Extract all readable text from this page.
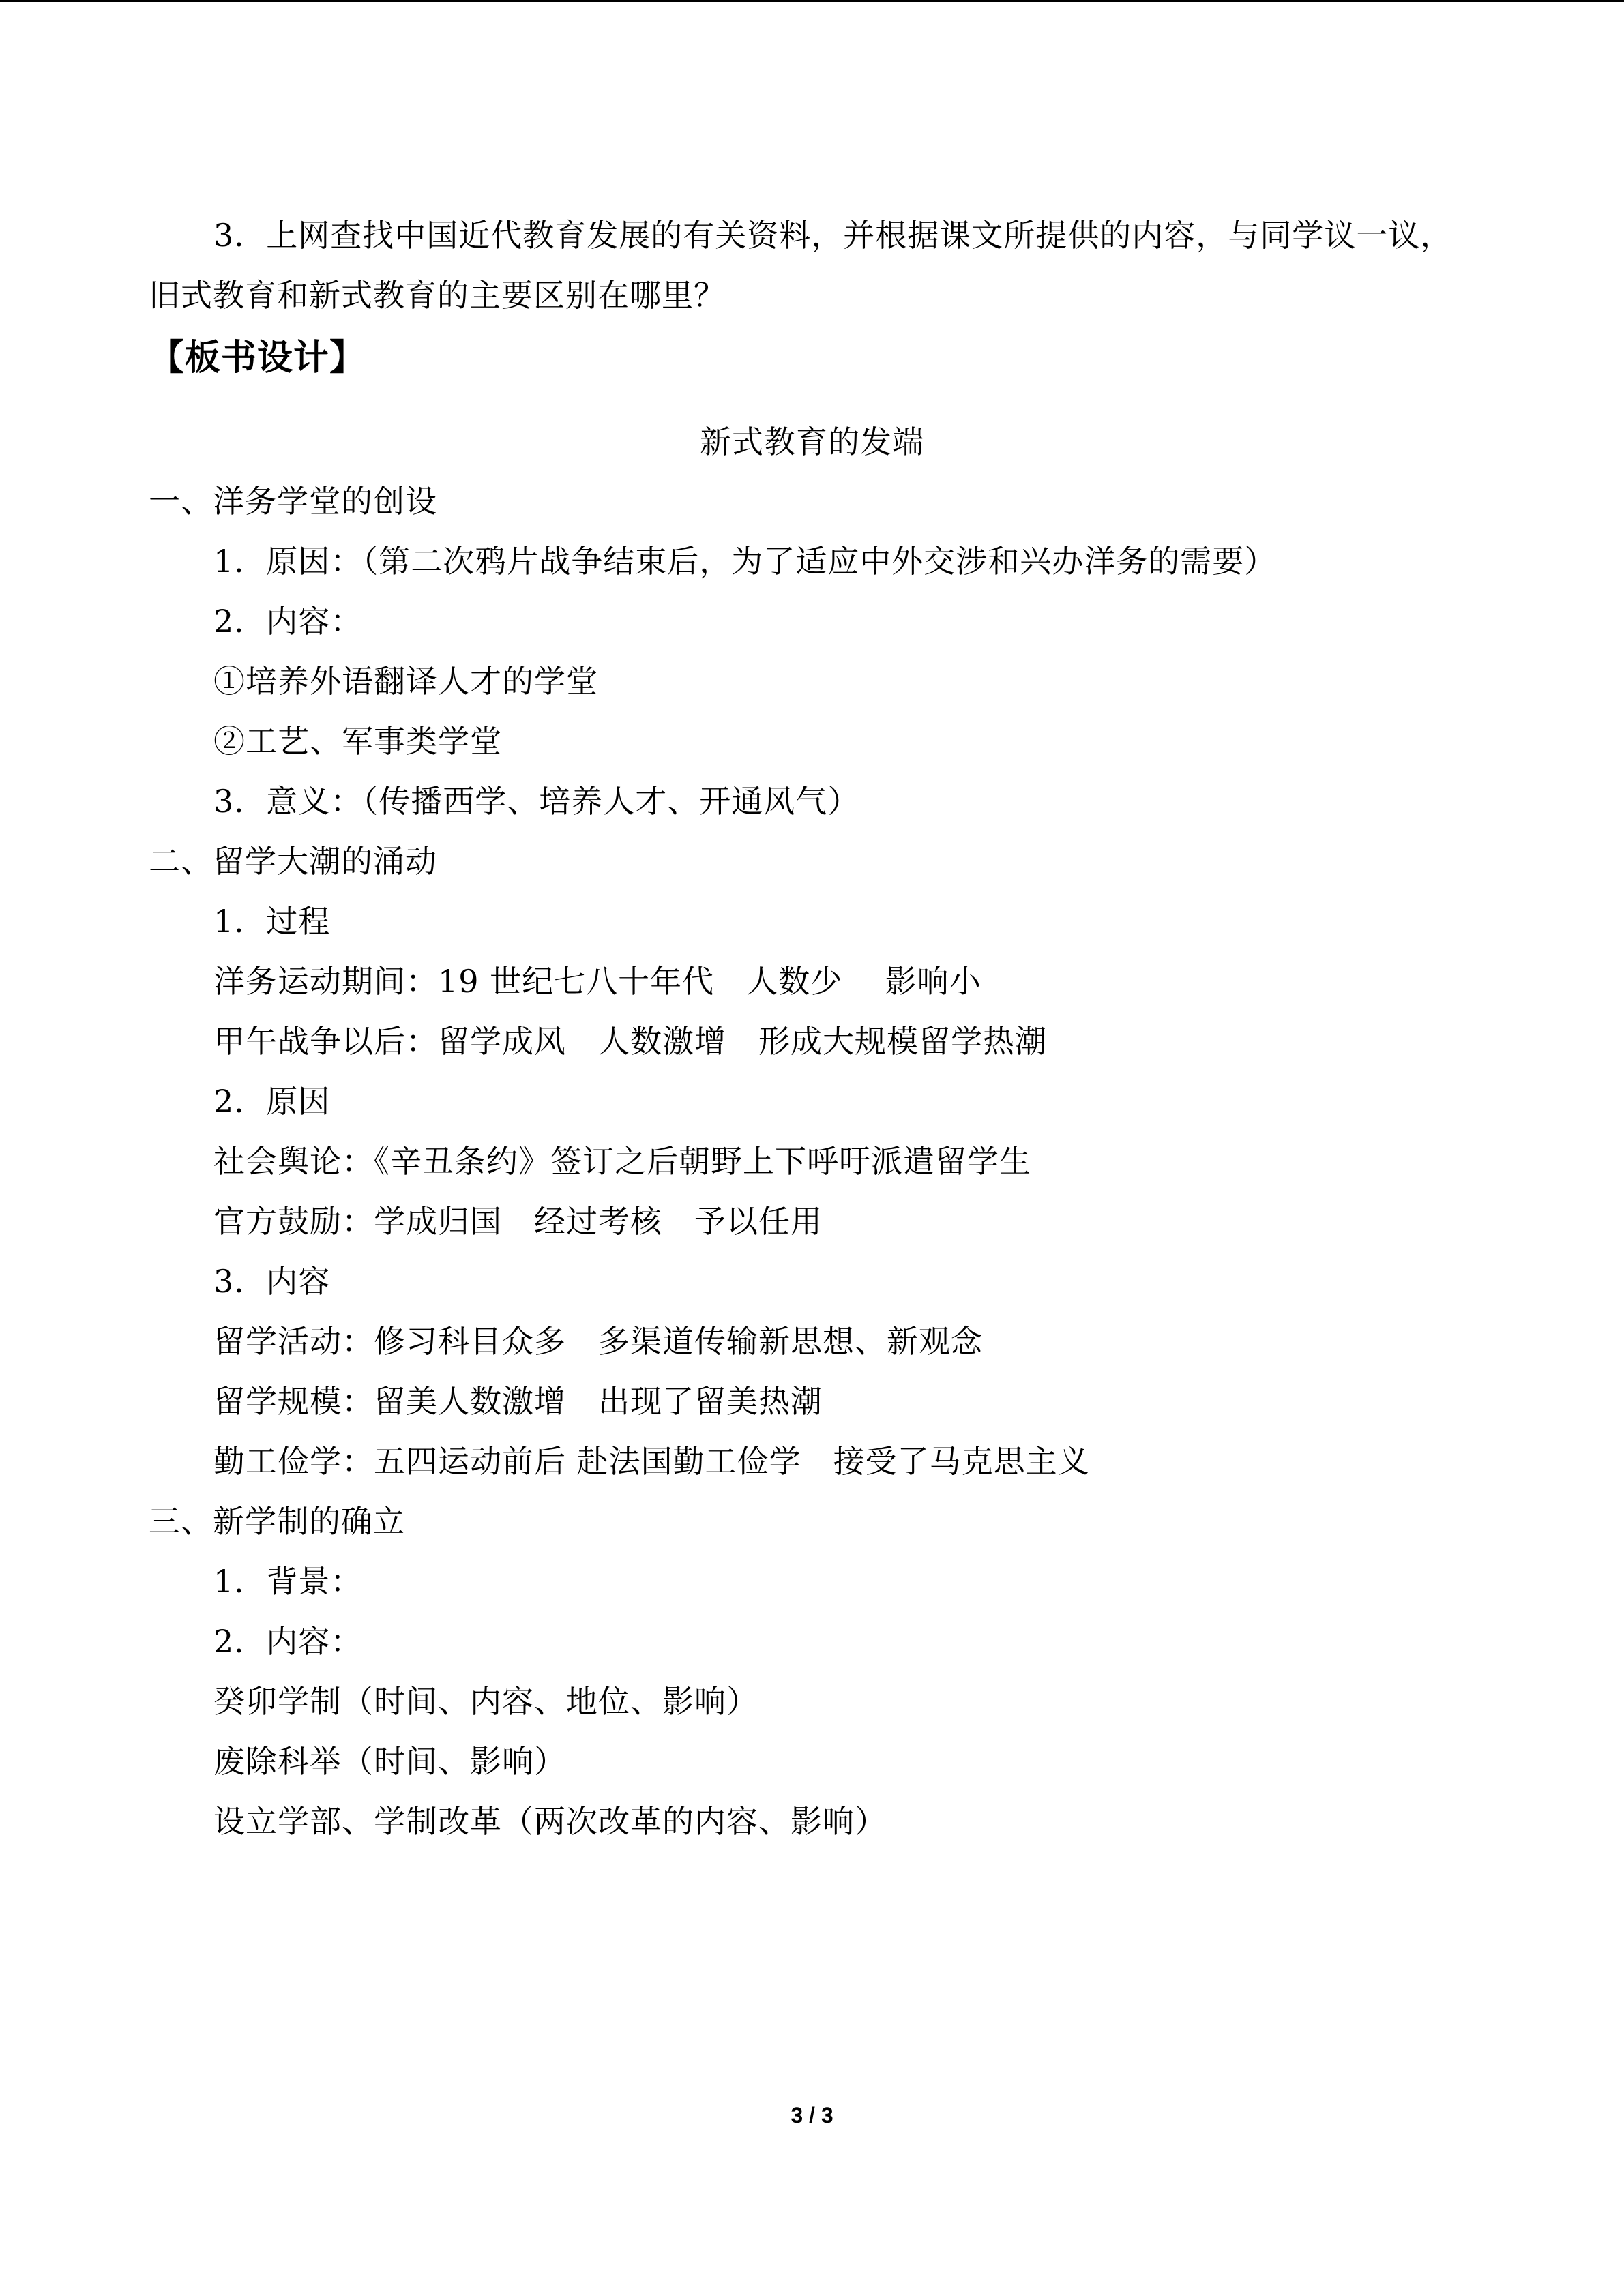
3．上网查找中国近代教育发展的有关资料，并根据课文所提供的内容，与同学议一议，
旧式教育和新式教育的主要区别在哪里？
【板书设计】
新式教育的发端
一、洋务学堂的创设
1．原因：（第二次鸦片战争结束后，为了适应中外交涉和兴办洋务的需要）
2．内容：
①培养外语翻译人才的学堂
②工艺、军事类学堂
3．意义：（传播西学、培养人才、开通风气）
二、留学大潮的涌动
1．过程
洋务运动期间：19 世纪七八十年代　人数少　 影响小
甲午战争以后：留学成风　人数激增　形成大规模留学热潮
2．原因
社会舆论：《辛丑条约》签订之后朝野上下呼吁派遣留学生
官方鼓励：学成归国　经过考核　予以任用
3．内容
留学活动：修习科目众多　多渠道传输新思想、新观念
留学规模：留美人数激增　出现了留美热潮
勤工俭学：五四运动前后 赴法国勤工俭学　接受了马克思主义
三、新学制的确立
1．背景：
2．内容：
癸卯学制（时间、内容、地位、影响）
废除科举（时间、影响）
设立学部、学制改革（两次改革的内容、影响）
3 / 3
